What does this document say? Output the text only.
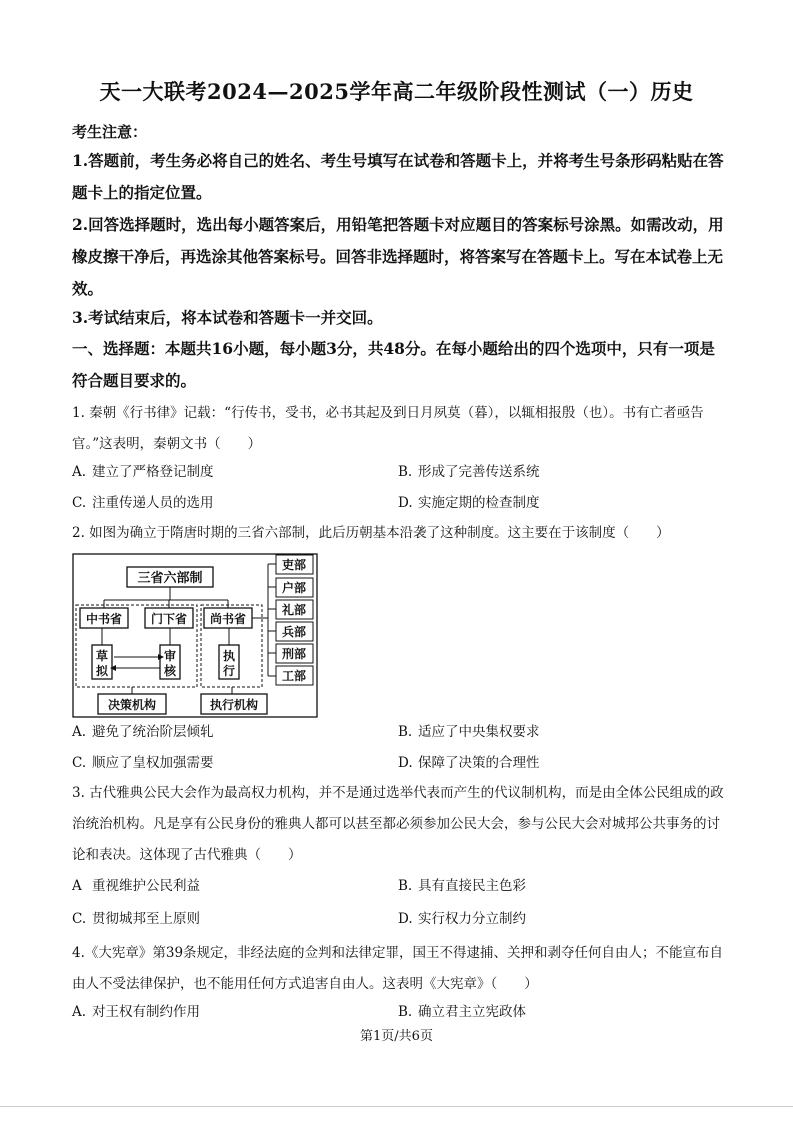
天一大联考2024—2025学年高二年级阶段性测试（一）历史
考生注意：
1.答题前，考生务必将自己的姓名、考生号填写在试卷和答题卡上，并将考生号条形码粘贴在答题卡上的指定位置。
2.回答选择题时，选出每小题答案后，用铅笔把答题卡对应题目的答案标号涂黑。如需改动，用橡皮擦干净后，再选涂其他答案标号。回答非选择题时，将答案写在答题卡上。写在本试卷上无效。
3.考试结束后，将本试卷和答题卡一并交回。
一、选择题：本题共16小题，每小题3分，共48分。在每小题给出的四个选项中，只有一项是符合题目要求的。
1. 秦朝《行书律》记载：“行传书，受书，必书其起及到日月夙莫（暮），以辄相报殷（也）。书有亡者亟告官。”这表明，秦朝文书（　　）
A. 建立了严格登记制度	B. 形成了完善传送系统
C. 注重传递人员的选用	D. 实施定期的检查制度
2. 如图为确立于隋唐时期的三省六部制，此后历朝基本沿袭了这种制度。这主要在于该制度（　　）
三省六部制
中书省 门下省 尚书省
草
拟
审
核
执
行
决策机构	执行机构
吏部
户部
礼部
兵部
刑部
工部
A. 避免了统治阶层倾轧	B. 适应了中央集权要求
C. 顺应了皇权加强需要	D. 保障了决策的合理性
3. 古代雅典公民大会作为最高权力机构，并不是通过选举代表而产生的代议制机构，而是由全体公民组成的政治统治机构。凡是享有公民身份的雅典人都可以甚至都必须参加公民大会，参与公民大会对城邦公共事务的讨论和表决。这体现了古代雅典（　　）
A 重视维护公民利益	B. 具有直接民主色彩
C. 贯彻城邦至上原则	D. 实行权力分立制约
4.《大宪章》第39条规定，非经法庭的佥判和法律定罪，国王不得逮捕、关押和剥夺任何自由人；不能宣布自由人不受法律保护，也不能用任何方式追害自由人。这表明《大宪章》（　　）
A. 对王权有制约作用	B. 确立君主立宪政体
第1页/共6页
